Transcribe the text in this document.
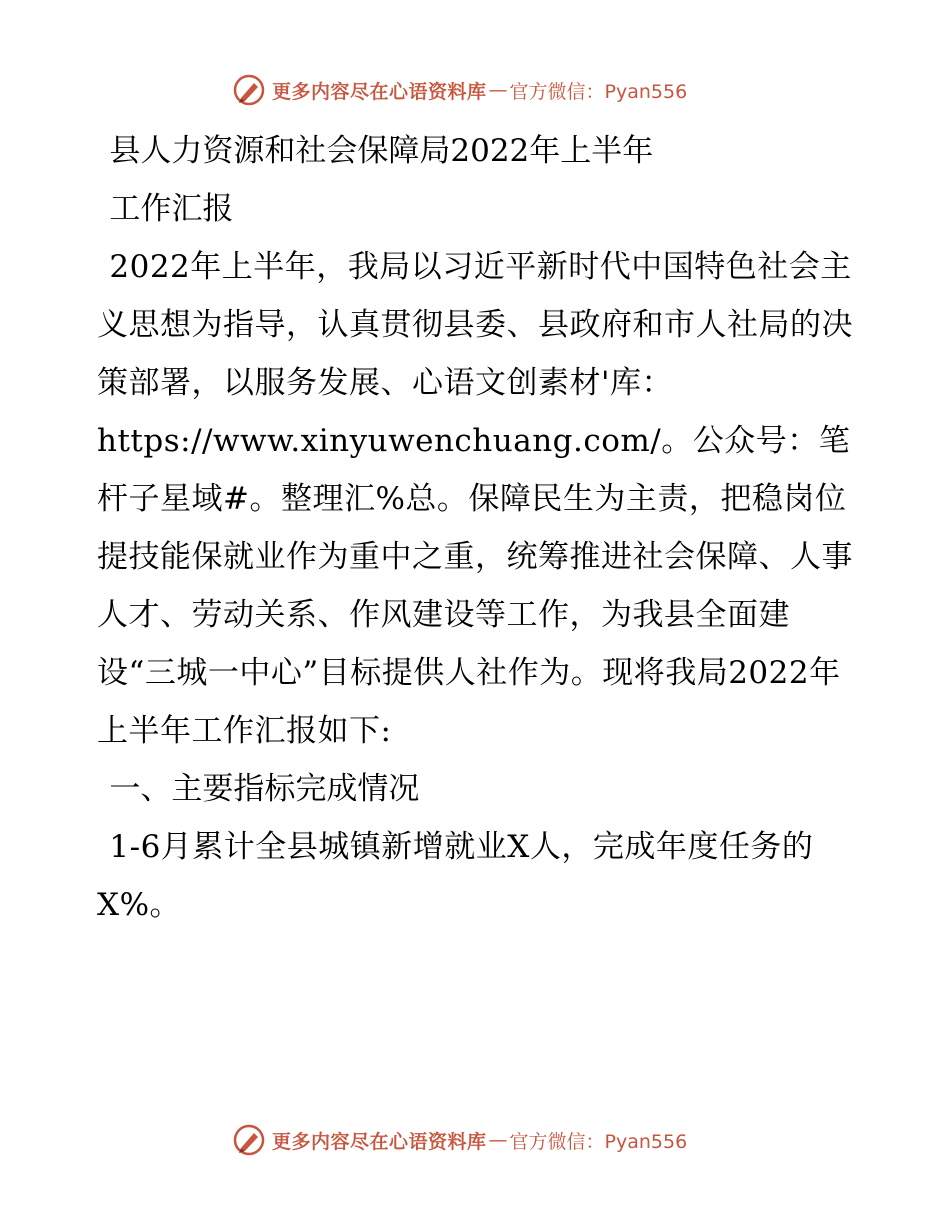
更多内容尽在心语资料库 — 官方微信：Pyan556

县人力资源和社会保障局2022年上半年

工作汇报

2022年上半年，我局以习近平新时代中国特色社会主义思想为指导，认真贯彻县委、县政府和市人社局的决策部署，以服务发展、心语文创素材'库：https://www.xinyuwenchuang.com/。公众号：笔杆子星域#。整理汇%总。保障民生为主责，把稳岗位提技能保就业作为重中之重，统筹推进社会保障、人事人才、劳动关系、作风建设等工作，为我县全面建设“三城一中心”目标提供人社作为。现将我局2022年上半年工作汇报如下:

一、主要指标完成情况

1-6月累计全县城镇新增就业X人，完成年度任务的X%。

更多内容尽在心语资料库 — 官方微信：Pyan556
